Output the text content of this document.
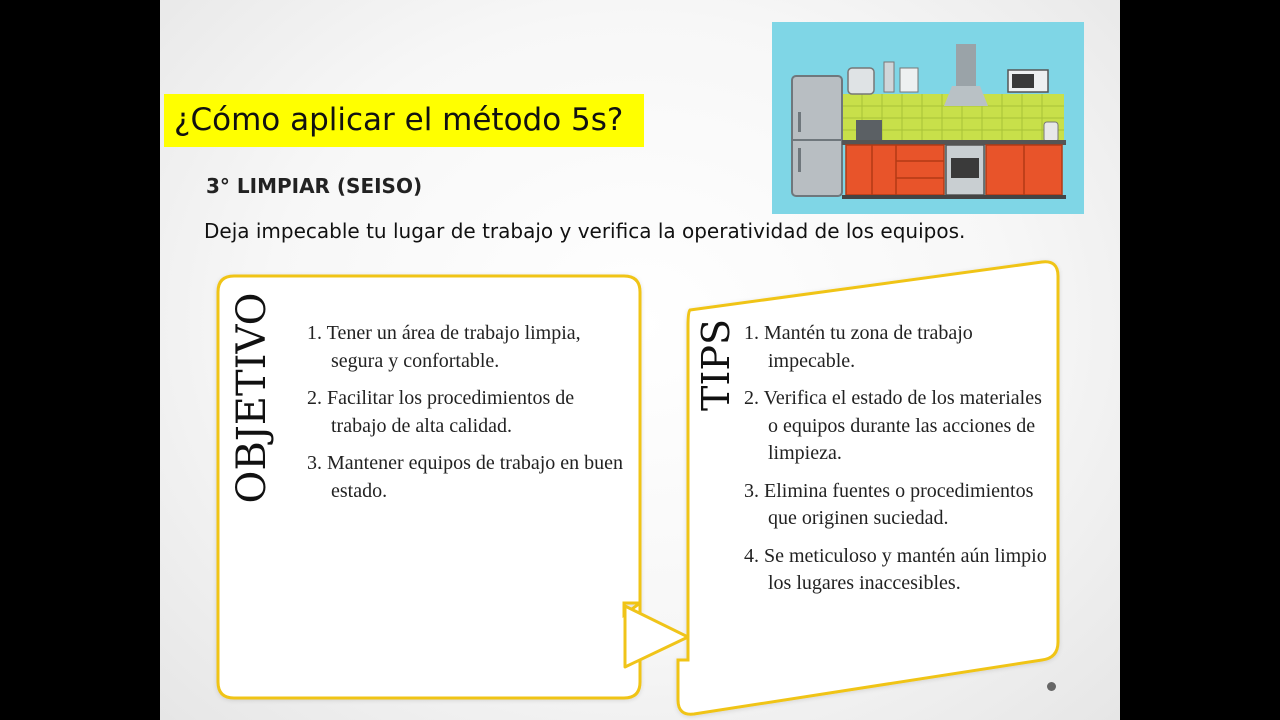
¿Cómo aplicar el método 5s?
3° LIMPIAR (SEISO)
Deja impecable tu lugar de trabajo y verifica la operatividad de los equipos.
OBJETIVO 1. Tener un área de trabajo limpia, segura y confortable.
2. Facilitar los procedimientos de trabajo de alta calidad.
3. Mantener equipos de trabajo en buen estado.
TIPS 1. Mantén tu zona de trabajo impecable.
2. Verifica el estado de los materiales o equipos durante las acciones de limpieza.
3. Elimina fuentes o procedimientos que originen suciedad.
4. Se meticuloso y mantén aún limpio los lugares inaccesibles.
